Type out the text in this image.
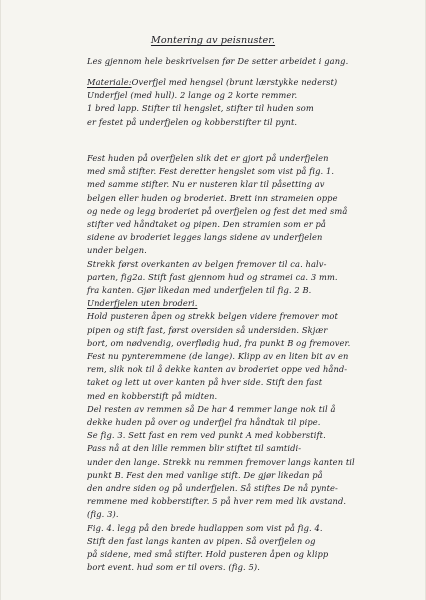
Montering av peisnuster.

Les gjennom hele beskrivelsen før De setter arbeidet i gang.

Materiale:Overfjel med hengsel (brunt lærstykke nederst)

Underfjel (med hull). 2 lange og 2 korte remmer.

1 bred lapp. Stifter til hengslet, stifter til huden som

er festet på underfjelen og kobberstifter til pynt.

Fest huden på overfjelen slik det er gjort på underfjelen

med små stifter. Fest deretter hengslet som vist på fig. 1.

med samme stifter. Nu er nusteren klar til påsetting av

belgen eller huden og broderiet. Brett inn strameien oppe

og nede og legg broderiet på overfjelen og fest det med små

stifter ved håndtaket og pipen. Den stramien som er på

sidene av broderiet legges langs sidene av underfjelen

under belgen.

Strekk først overkanten av belgen fremover til ca. halv-

parten, fig2a. Stift fast gjennom hud og stramei ca. 3 mm.

fra kanten. Gjør likedan med underfjelen til fig. 2 B.

Underfjelen uten broderi.

Hold pusteren åpen og strekk belgen videre fremover mot

pipen og stift fast, først oversiden så undersiden. Skjær

bort, om nødvendig, overflødig hud, fra punkt B og fremover.

Fest nu pynteremmene (de lange). Klipp av en liten bit av en

rem, slik nok til å dekke kanten av broderiet oppe ved hånd-

taket og lett ut over kanten på hver side. Stift den fast

med en kobberstift på midten.

Del resten av remmen så De har 4 remmer lange nok til å

dekke huden på over og underfjel fra håndtak til pipe.

Se fig. 3. Sett fast en rem ved punkt A med kobberstift.

Pass nå at den lille remmen blir stiftet til samtidi-

under den lange. Strekk nu remmen fremover langs kanten til

punkt B. Fest den med vanlige stift. De gjør likedan på

den andre siden og på underfjelen. Så stiftes De nå pynte-

remmene med kobberstifter. 5 på hver rem med lik avstand.

(fig. 3).

Fig. 4. legg på den brede hudlappen som vist på fig. 4.

Stift den fast langs kanten av pipen. Så overfjelen og

på sidene, med små stifter. Hold pusteren åpen og klipp

bort event. hud som er til overs. (fig. 5).
